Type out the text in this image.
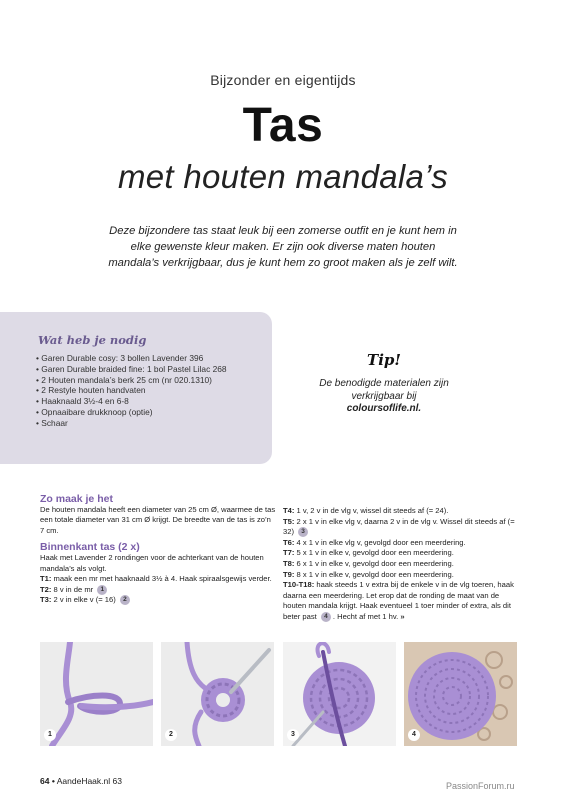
Bijzonder en eigentijds
Tas
met houten mandala’s
Deze bijzondere tas staat leuk bij een zomerse outfit en je kunt hem in elke gewenste kleur maken. Er zijn ook diverse maten houten mandala’s verkrijgbaar, dus je kunt hem zo groot maken als je zelf wilt.
Wat heb je nodig
• Garen Durable cosy: 3 bollen Lavender 396
• Garen Durable braided fine: 1 bol Pastel Lilac 268
• 2 Houten mandala’s berk 25 cm (nr 020.1310)
• 2 Restyle houten handvaten
• Haaknaald 3½-4 en 6-8
• Opnaaibare drukknoop (optie)
• Schaar
Tip!
De benodigde materialen zijn verkrijgbaar bij coloursoflife.nl.

Zo maak je het

De houten mandala heeft een diameter van 25 cm Ø, waarmee de tas een totale diameter van 31 cm Ø krijgt. De breedte van de tas is zo’n 7 cm.

Binnenkant tas (2 x)

Haak met Lavender 2 rondingen voor de achterkant van de houten mandala’s als volgt.

T1: maak een mr met haaknaald 3½ à 4. Haak spiraalsgewijs verder.

T2: 8 v in de mr 1

T3: 2 v in elke v (= 16) 2

T4: 1 v, 2 v in de vlg v, wissel dit steeds af (= 24).

T5: 2 x 1 v in elke vlg v, daarna 2 v in de vlg v. Wissel dit steeds af (= 32) 3

T6: 4 x 1 v in elke vlg v, gevolgd door een meerdering.

T7: 5 x 1 v in elke v, gevolgd door een meerdering.

T8: 6 x 1 v in elke v, gevolgd door een meerdering.

T9: 8 x 1 v in elke v, gevolgd door een meerdering.

T10-T18: haak steeds 1 v extra bij de enkele v in de vlg toeren, haak daarna een meerdering. Let erop dat de ronding de maat van de houten mandala krijgt. Haak eventueel 1 toer minder of extra, als dit beter past 4 . Hecht af met 1 hv. »

1	2	3	4
64 • AandeHaak.nl 63	PassionForum.ru
